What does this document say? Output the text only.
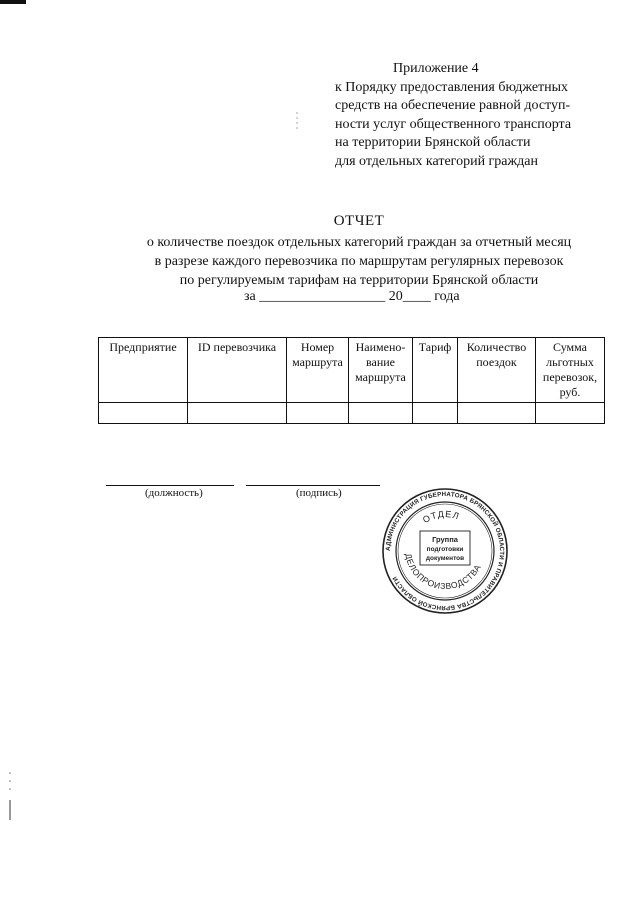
Приложение 4
к Порядку предоставления бюджетных
средств на обеспечение равной доступ-
ности услуг общественного транспорта
на территории Брянской области
для отдельных категорий граждан
ОТЧЕТ
о количестве поездок отдельных категорий граждан за отчетный месяц
в разрезе каждого перевозчика по маршрутам регулярных перевозок
по регулируемым тарифам на территории Брянской области
за __________________ 20____ года
Предприятие	ID перевозчика	Номер маршрута	Наимено-вание маршрута	Тариф	Количество поездок	Сумма льготных перевозок, руб.

(должность)	(подпись)
АДМИНИСТРАЦИЯ ГУБЕРНАТОРА БРЯНСКОЙ ОБЛАСТИ И ПРАВИТЕЛЬСТВА БРЯНСКОЙ ОБЛАСТИ
ОТДЕЛ
ДЕЛОПРОИЗВОДСТВА
Группа
подготовки
документов
